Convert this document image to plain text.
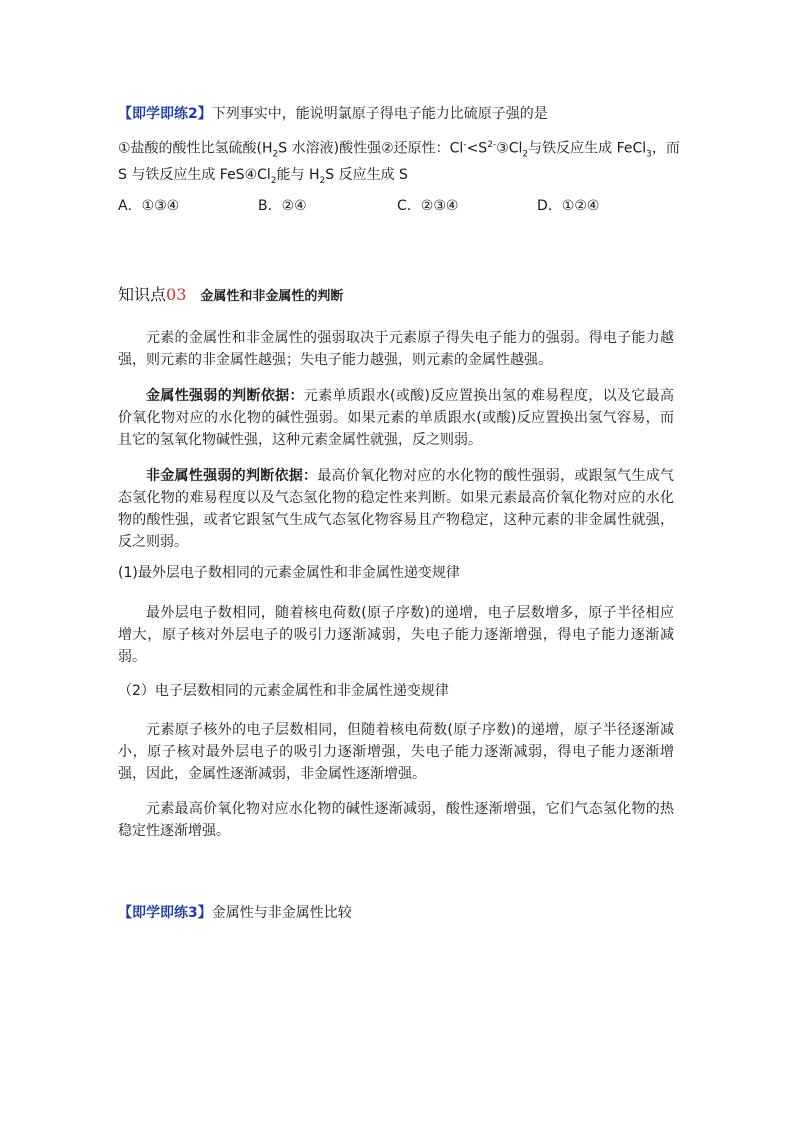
【即学即练2】下列事实中，能说明氯原子得电子能力比硫原子强的是
①盐酸的酸性比氢硫酸($H_2S$ 水溶液)酸性强②还原性：$Cl^-<S^{2-}③Cl_2$与铁反应生成 FeCl$_3$，而
S 与铁反应生成 $FeS④Cl_2$能与 $H_2S$ 反应生成 S
A．①③④	B．②④	C．②③④	D．①②④
知识点03 金属性和非金属性的判断
元素的金属性和非金属性的强弱取决于元素原子得失电子能力的强弱。得电子能力越强，则元素的非金属性越强；失电子能力越强，则元素的金属性越强。
金属性强弱的判断依据：元素单质跟水(或酸)反应置换出氢的难易程度，以及它最高价氧化物对应的水化物的碱性强弱。如果元素的单质跟水(或酸)反应置换出氢气容易，而且它的氢氧化物碱性强，这种元素金属性就强，反之则弱。
非金属性强弱的判断依据：最高价氧化物对应的水化物的酸性强弱，或跟氢气生成气态氢化物的难易程度以及气态氢化物的稳定性来判断。如果元素最高价氧化物对应的水化物的酸性强，或者它跟氢气生成气态氢化物容易且产物稳定，这种元素的非金属性就强，反之则弱。
(1)最外层电子数相同的元素金属性和非金属性递变规律
最外层电子数相同，随着核电荷数(原子序数)的递增，电子层数增多，原子半径相应增大，原子核对外层电子的吸引力逐渐减弱，失电子能力逐渐增强，得电子能力逐渐减弱。
（2）电子层数相同的元素金属性和非金属性递变规律
元素原子核外的电子层数相同，但随着核电荷数(原子序数)的递增，原子半径逐渐减小，原子核对最外层电子的吸引力逐渐增强，失电子能力逐渐减弱，得电子能力逐渐增强，因此，金属性逐渐减弱，非金属性逐渐增强。
元素最高价氧化物对应水化物的碱性逐渐减弱，酸性逐渐增强，它们气态氢化物的热稳定性逐渐增强。
【即学即练3】金属性与非金属性比较
